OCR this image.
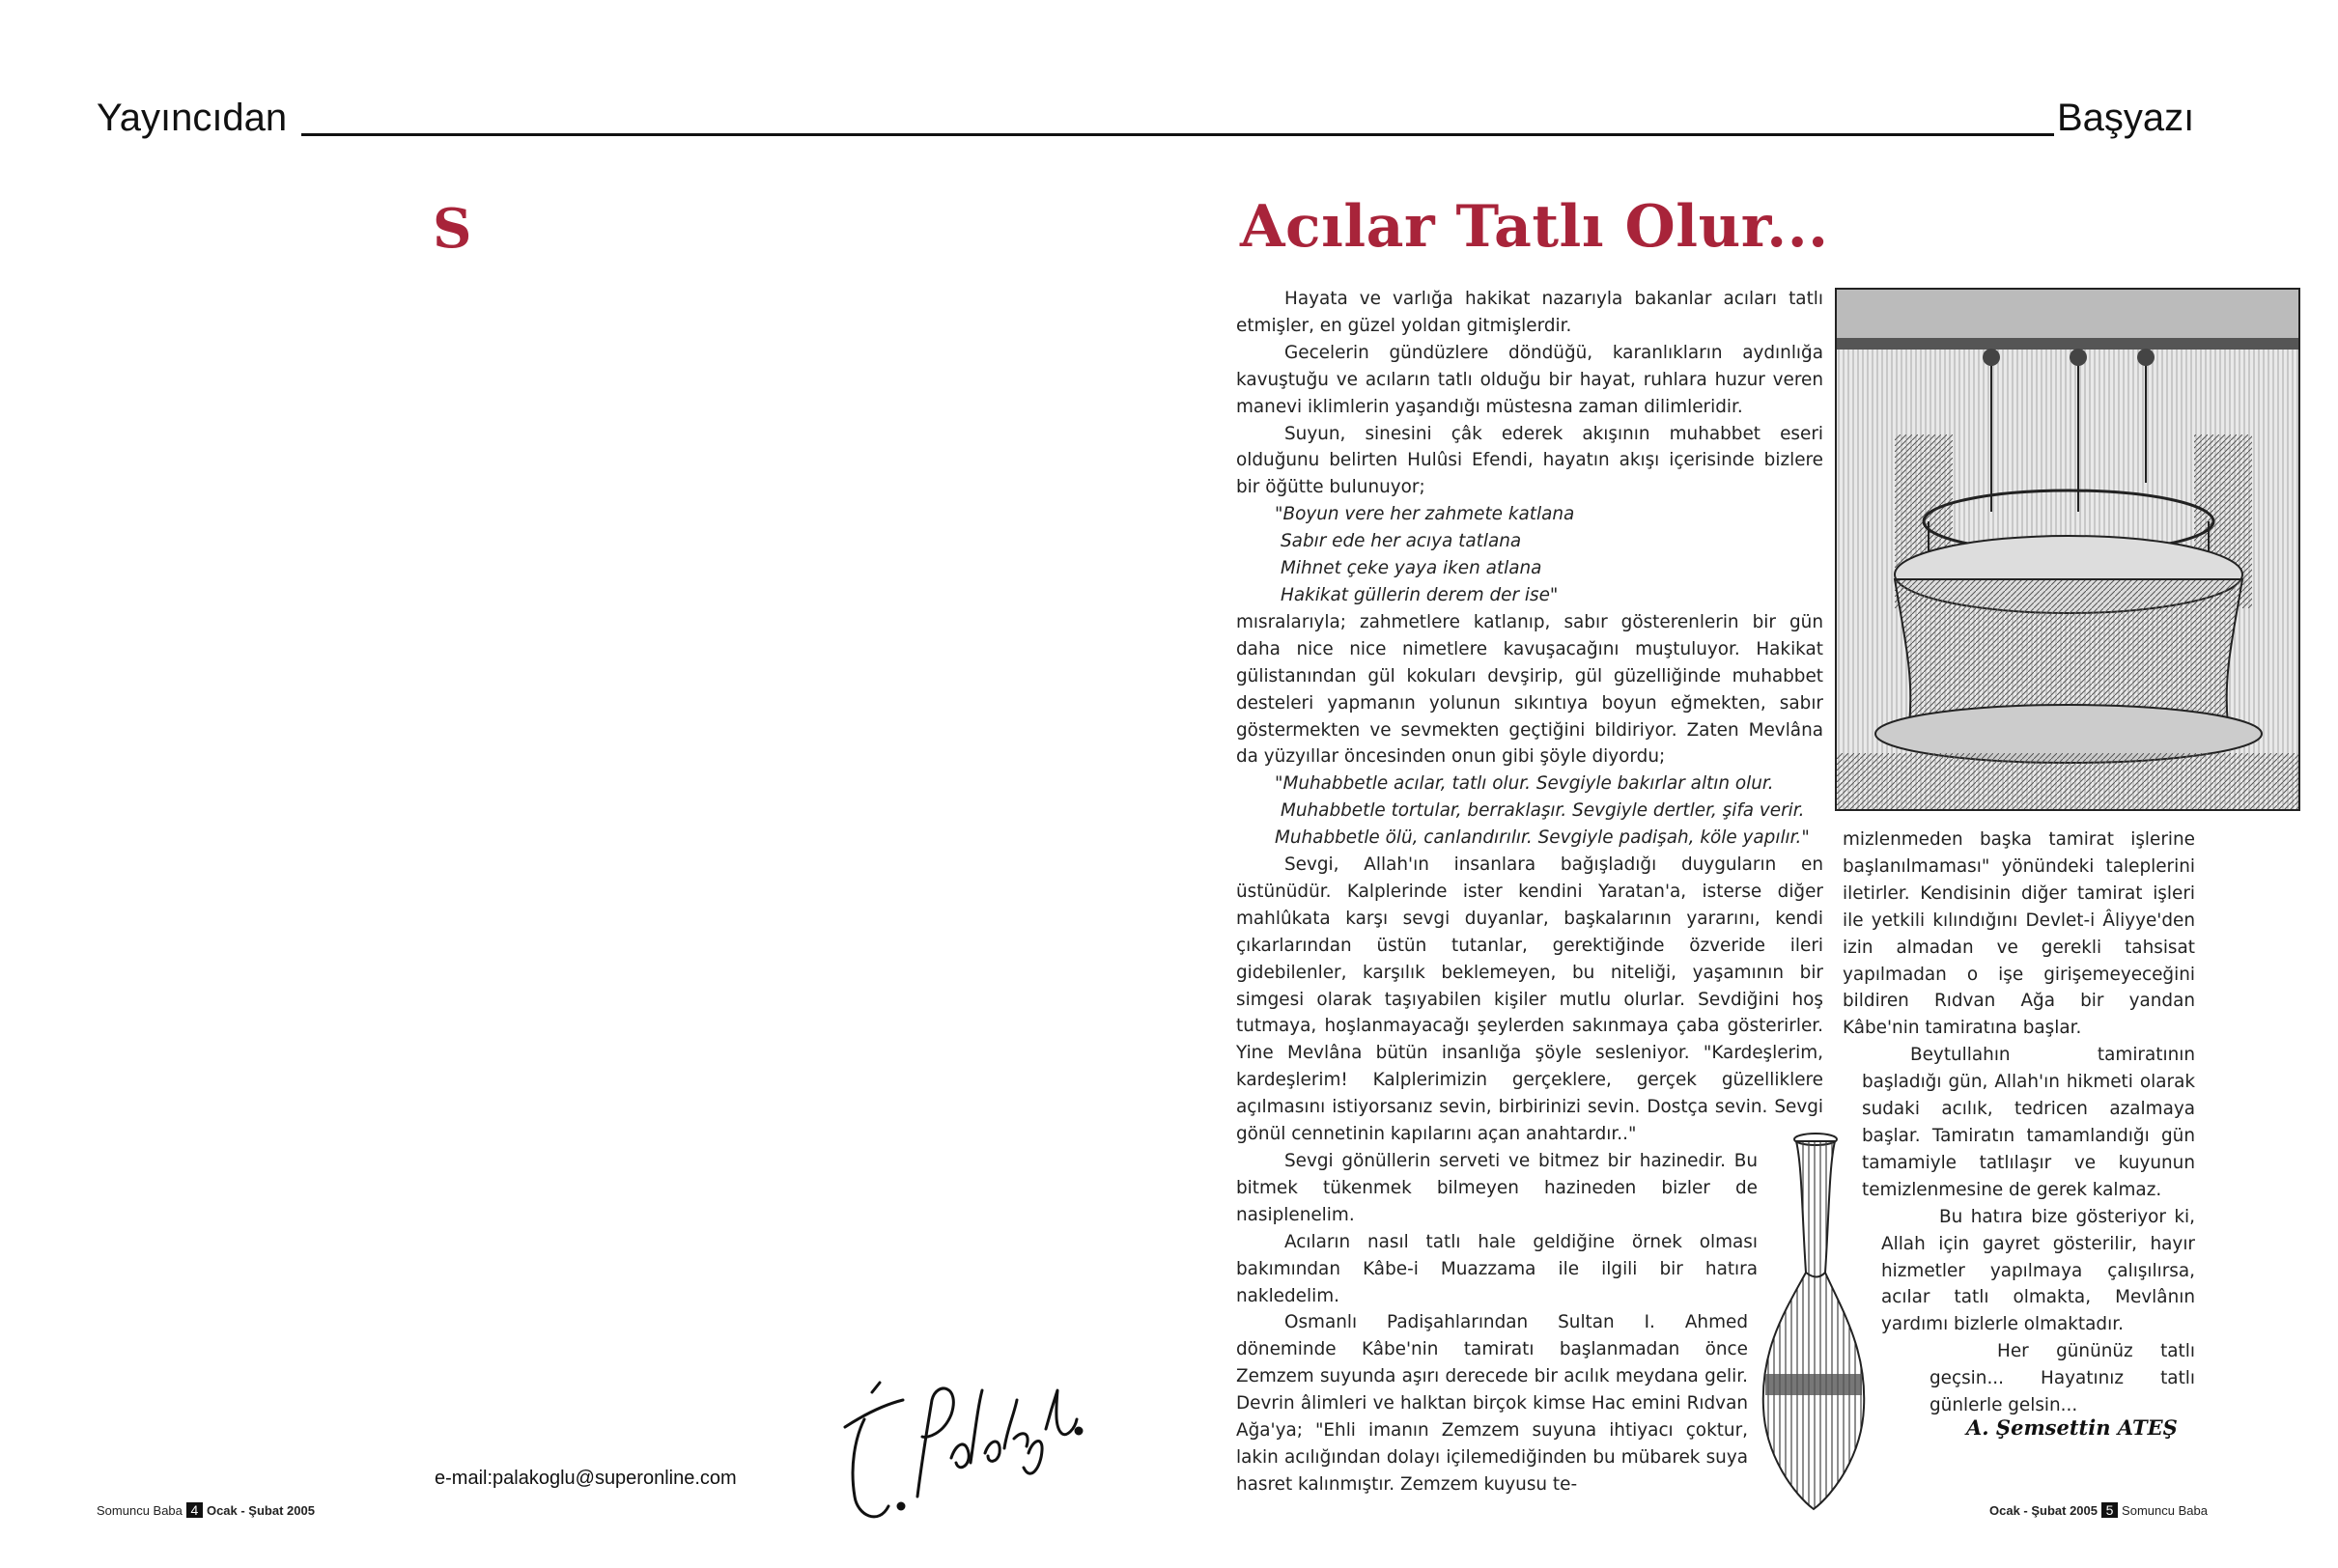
Yayıncıdan	Başyazı
S
e-mail:palakoglu@superonline.com
Somuncu Baba 4 Ocak - Şubat 2005
Acılar Tatlı Olur...

Hayata ve varlığa hakikat nazarıyla bakanlar acıları tatlı etmişler, en güzel yoldan gitmişlerdir.

Gecelerin gündüzlere döndüğü, karanlıkların aydınlığa kavuştuğu ve acıların tatlı olduğu bir hayat, ruhlara huzur veren manevi iklimlerin yaşandığı müstesna zaman dilimleridir.

Suyun, sinesini çâk ederek akışının muhabbet eseri olduğunu belirten Hulûsi Efendi, hayatın akışı içerisinde bizlere bir öğütte bulunuyor;

"Boyun vere her zahmete katlana

Sabır ede her acıya tatlana

Mihnet çeke yaya iken atlana

Hakikat güllerin derem der ise"

mısralarıyla; zahmetlere katlanıp, sabır gösterenlerin bir gün daha nice nice nimetlere kavuşacağını muştuluyor. Hakikat gülistanından gül kokuları devşirip, gül güzelliğinde muhabbet desteleri yapmanın yolunun sıkıntıya boyun eğmekten, sabır göstermekten ve sevmekten geçtiğini bildiriyor. Zaten Mevlâna da yüzyıllar öncesinden onun gibi şöyle diyordu;

"Muhabbetle acılar, tatlı olur. Sevgiyle bakırlar altın olur.

Muhabbetle tortular, berraklaşır. Sevgiyle dertler, şifa verir.

Muhabbetle ölü, canlandırılır. Sevgiyle padişah, köle yapılır."

Sevgi, Allah'ın insanlara bağışladığı duyguların en üstünüdür. Kalplerinde ister kendini Yaratan'a, isterse diğer mahlûkata karşı sevgi duyanlar, başkalarının yararını, kendi çıkarlarından üstün tutanlar, gerektiğinde özveride ileri gidebilenler, karşılık beklemeyen, bu niteliği, yaşamının bir simgesi olarak taşıyabilen kişiler mutlu olurlar. Sevdiğini hoş tutmaya, hoşlanmayacağı şeylerden sakınmaya çaba gösterirler. Yine Mevlâna bütün insanlığa şöyle sesleniyor. "Kardeşlerim, kardeşlerim! Kalplerimizin gerçeklere, gerçek güzelliklere açılmasını istiyorsanız sevin, birbirinizi sevin. Dostça sevin. Sevgi gönül cennetinin kapılarını açan anahtardır.."

Sevgi gönüllerin serveti ve bitmez bir hazinedir. Bu bitmek tükenmek bilmeyen hazineden bizler de nasiplenelim.

Acıların nasıl tatlı hale geldiğine örnek olması bakımından Kâbe-i Muazzama ile ilgili bir hatıra nakledelim.

Osmanlı Padişahlarından Sultan I. Ahmed döneminde Kâbe'nin tamiratı başlanmadan önce Zemzem suyunda aşırı derecede bir acılık meydana gelir. Devrin âlimleri ve halktan birçok kimse Hac emini Rıdvan Ağa'ya; "Ehli imanın Zemzem suyuna ihtiyacı çoktur, lakin acılığından dolayı içilemediğinden bu mübarek suya hasret kalınmıştır. Zemzem kuyusu te-

mizlenmeden başka tamirat işlerine başlanılmaması" yönündeki taleplerini iletirler. Kendisinin diğer tamirat işleri ile yetkili kılındığını Devlet-i Âliyye'den izin almadan ve gerekli tahsisat yapılmadan o işe girişemeyeceğini bildiren Rıdvan Ağa bir yandan Kâbe'nin tamiratına başlar.

Beytullahın tamiratının başladığı gün, Allah'ın hikmeti olarak sudaki acılık, tedricen azalmaya başlar. Tamiratın tamamlandığı gün tamamiyle tatlılaşır ve kuyunun temizlenmesine de gerek kalmaz.

Bu hatıra bize gösteriyor ki, Allah için gayret gösterilir, hayır hizmetler yapılmaya çalışılırsa, acılar tatlı olmakta, Mevlânın yardımı bizlerle olmaktadır.

Her gününüz tatlı geçsin... Hayatınız tatlı günlerle gelsin...

A. Şemsettin ATEŞ
Ocak - Şubat 2005 5 Somuncu Baba
